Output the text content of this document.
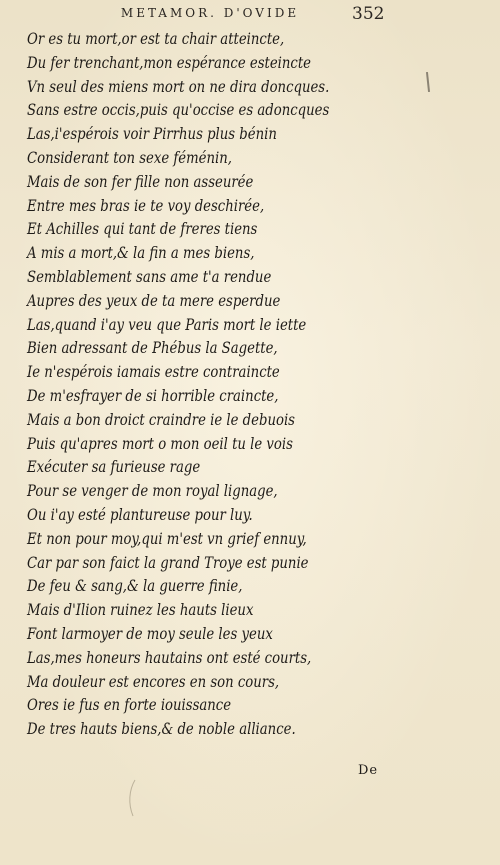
METAMOR. D'OVIDE	352
Or es tu mort,or est ta chair atteincte,
Du fer trenchant,mon espérance esteincte
Vn seul des miens mort on ne dira doncques.
Sans estre occis,puis qu'occise es adoncques
Las,i'espérois voir Pirrhus plus bénin
Considerant ton sexe féménin,
Mais de son fer fille non asseurée
Entre mes bras ie te voy deschirée,
Et Achilles qui tant de freres tiens
A mis a mort,& la fin a mes biens,
Semblablement sans ame t'a rendue
Aupres des yeux de ta mere esperdue
Las,quand i'ay veu que Paris mort le iette
Bien adressant de Phébus la Sagette,
Ie n'espérois iamais estre contraincte
De m'esfrayer de si horrible craincte,
Mais a bon droict craindre ie le debuois
Puis qu'apres mort o mon oeil tu le vois
Exécuter sa furieuse rage
Pour se venger de mon royal lignage,
Ou i'ay esté plantureuse pour luy.
Et non pour moy,qui m'est vn grief ennuy,
Car par son faict la grand Troye est punie
De feu & sang,& la guerre finie,
Mais d'Ilion ruinez les hauts lieux
Font larmoyer de moy seule les yeux
Las,mes honeurs hautains ont esté courts,
Ma douleur est encores en son cours,
Ores ie fus en forte iouissance
De tres hauts biens,& de noble alliance.
De
